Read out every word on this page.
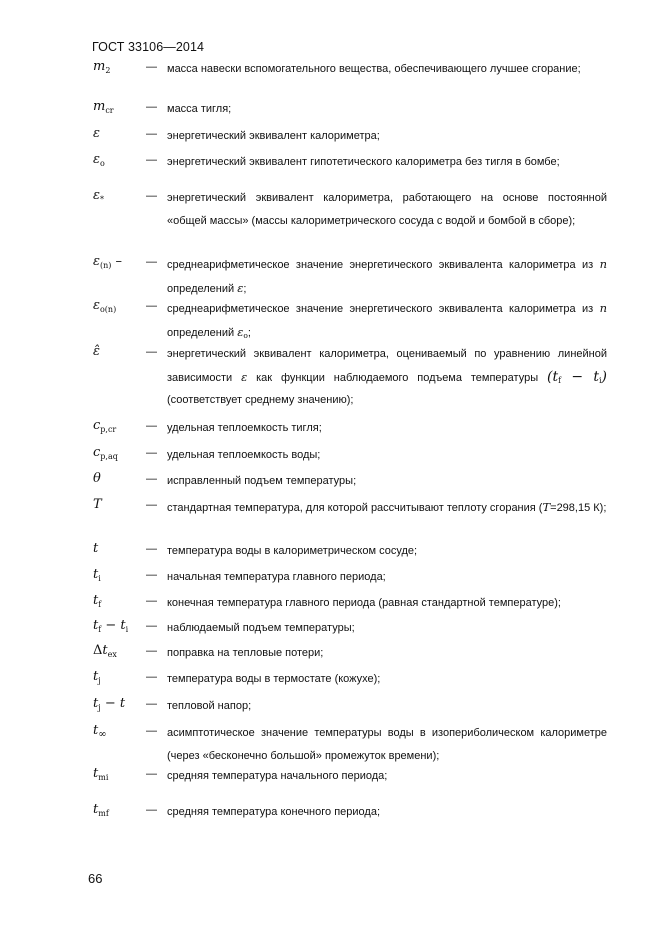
ГОСТ 33106—2014
$m_2$	— масса навески вспомогательного вещества, обеспечивающего лучшее сгорание;
$m_{cr}$	— масса тигля;
ε	— энергетический эквивалент калориметра;
$\varepsilon_o$	— энергетический эквивалент гипотетического калориметра без тигля в бомбе;
$\varepsilon_*$	— энергетический эквивалент калориметра, работающего на основе постоянной «общей массы» (массы калориметрического сосуда с водой и бомбой в сборе);
$\varepsilon_{(n)}$ – — среднеарифметическое значение энергетического эквивалента калориметра из n определений ε;
$\varepsilon_{o(n)}$	— среднеарифметическое значение энергетического эквивалента калориметра из n определений $\varepsilon_o$;
ε̂	— энергетический эквивалент калориметра, оцениваемый по уравнению линейной зависимости ε как функции наблюдаемого подъема температуры $(t_f - t_i)$ (соответствует среднему значению);
$c_{p,cr}$	— удельная теплоемкость тигля;
$c_{p,aq}$	— удельная теплоемкость воды;
θ	— исправленный подъем температуры;
T	— стандартная температура, для которой рассчитывают теплоту сгорания (T=298,15 К);
t	— температура воды в калориметрическом сосуде;
$t_i$	— начальная температура главного периода;
$t_f$	— конечная температура главного периода (равная стандартной температуре);
$t_f - t_i$ — наблюдаемый подъем температуры;
$\Delta t_{ex}$	— поправка на тепловые потери;
$t_j$	— температура воды в термостате (кожухе);
$t_j - t$ — тепловой напор;
$t_\infty$	— асимптотическое значение температуры воды в изопериболическом калориметре (через «бесконечно большой» промежуток времени);
$t_{mi}$	— средняя температура начального периода;
$t_{mf}$	— средняя температура конечного периода;
66
